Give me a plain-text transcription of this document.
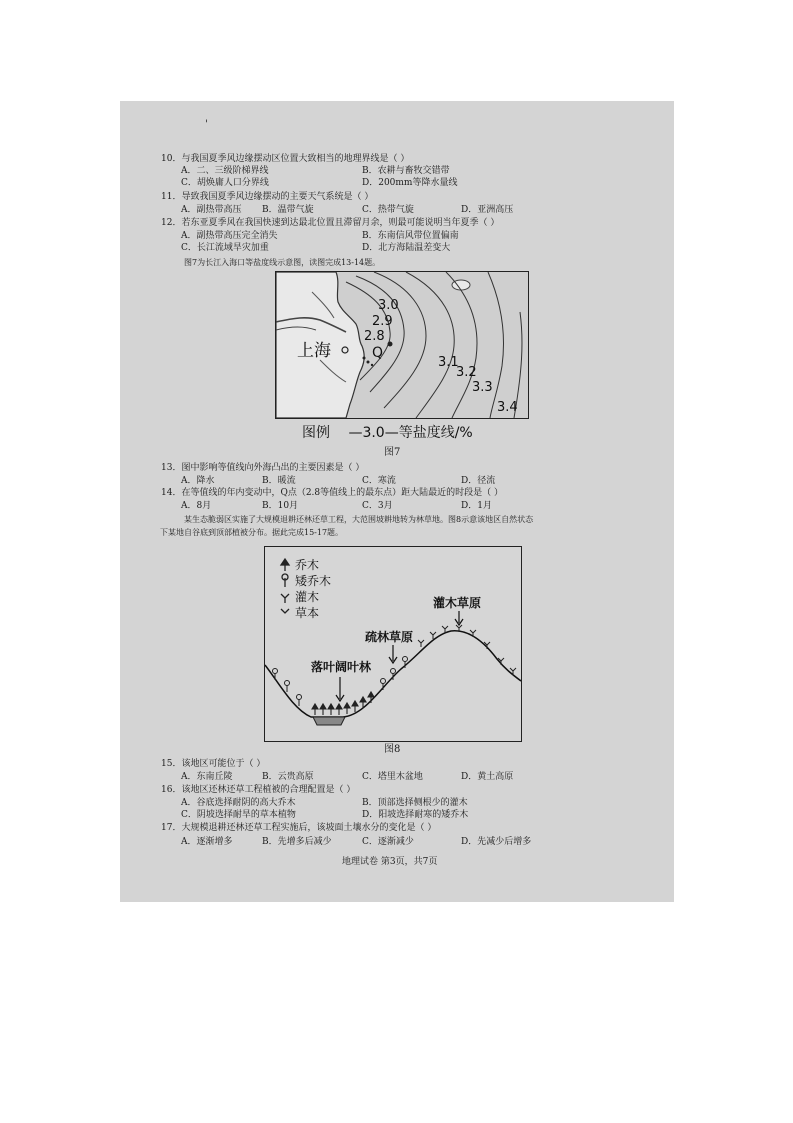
'
10．与我国夏季风边缘摆动区位置大致相当的地理界线是（ ）
A．二、三级阶梯界线	B．农耕与畜牧交错带
C．胡焕庸人口分界线	D．200mm等降水量线
11．导致我国夏季风边缘摆动的主要天气系统是（ ）
A．副热带高压 B．温带气旋	C．热带气旋	D．亚洲高压
12．若东亚夏季风在我国快速到达最北位置且滞留月余，则最可能说明当年夏季（ ）
A．副热带高压完全消失	B．东南信风带位置偏南
C．长江流域旱灾加重	D．北方海陆温差变大
图7为长江入海口等盐度线示意图，读图完成13-14题。
上海	Q
3.0
2.9
2.8
3.1
3.2
3.3
3.4
图例 —3.0—等盐度线/%
图7
13．图中影响等值线向外海凸出的主要因素是（ ）
A．降水	B．暖流	C．寒流	D．径流
14．在等值线的年内变动中，Q点（2.8等值线上的最东点）距大陆最近的时段是（ ）
A．8月	B．10月	C．3月	D．1月
某生态脆弱区实施了大规模退耕还林还草工程，大范围坡耕地转为林草地。图8示意该地区自然状态
下某地自谷底到顶部植被分布。据此完成15-17题。
乔木
矮乔木
灌木
草本
灌木草原
疏林草原
落叶阔叶林
图8
15．该地区可能位于（ ）
A．东南丘陵	B．云贵高原	C．塔里木盆地	D．黄土高原
16．该地区还林还草工程植被的合理配置是（ ）
A．谷底选择耐阴的高大乔木	B．顶部选择侧根少的灌木
C．阴坡选择耐旱的草本植物	D．阳坡选择耐寒的矮乔木
17．大规模退耕还林还草工程实施后，该坡面土壤水分的变化是（ ）
A．逐渐增多	B．先增多后减少	C．逐渐减少	D．先减少后增多
地理试卷 第3页，共7页
